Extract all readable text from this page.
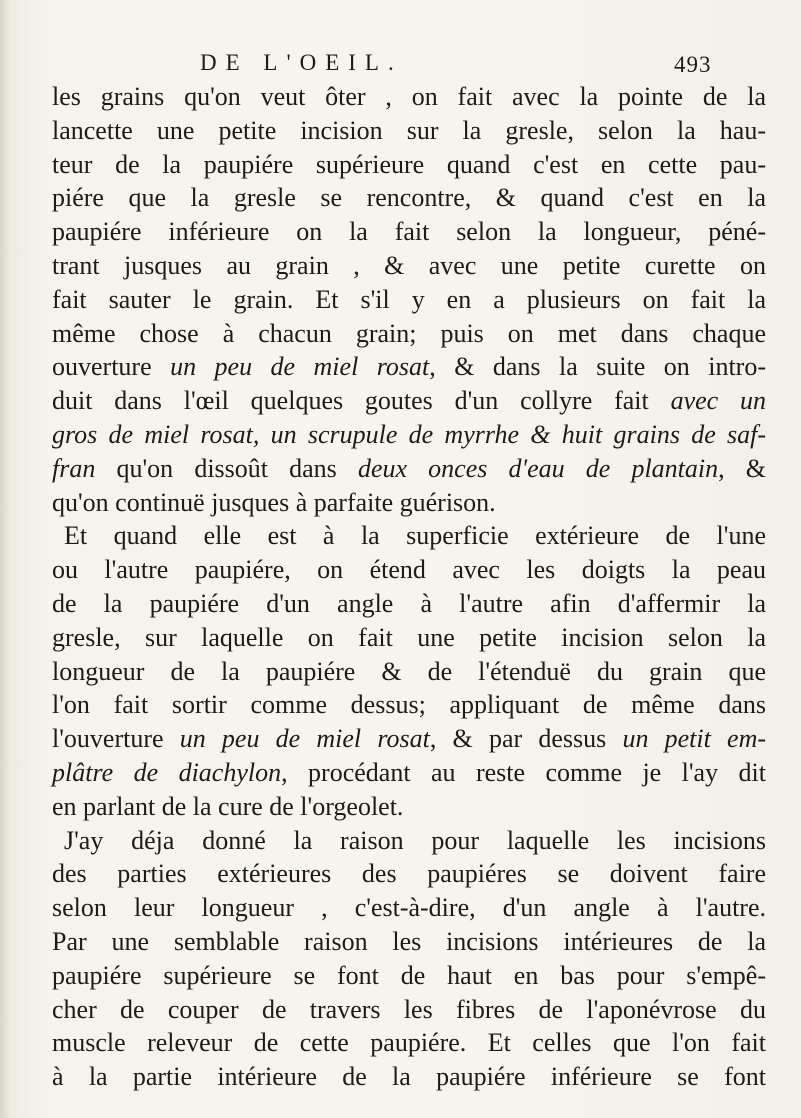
DE L'OEIL.	493
les grains qu'on veut ôter , on fait avec la pointe de la
lancette une petite incision sur la gresle, selon la hau-
teur de la paupiére supérieure quand c'est en cette pau-
piére que la gresle se rencontre, & quand c'est en la
paupiére inférieure on la fait selon la longueur, péné-
trant jusques au grain , & avec une petite curette on
fait sauter le grain. Et s'il y en a plusieurs on fait la
même chose à chacun grain; puis on met dans chaque
ouverture un peu de miel rosat, & dans la suite on intro-
duit dans l'œil quelques goutes d'un collyre fait avec un
gros de miel rosat, un scrupule de myrrhe & huit grains de saf-
fran qu'on dissoût dans deux onces d'eau de plantain, &
qu'on continuë jusques à parfaite guérison.
Et quand elle est à la superficie extérieure de l'une
ou l'autre paupiére, on étend avec les doigts la peau
de la paupiére d'un angle à l'autre afin d'affermir la
gresle, sur laquelle on fait une petite incision selon la
longueur de la paupiére & de l'étenduë du grain que
l'on fait sortir comme dessus; appliquant de même dans
l'ouverture un peu de miel rosat, & par dessus un petit em-
plâtre de diachylon, procédant au reste comme je l'ay dit
en parlant de la cure de l'orgeolet.
J'ay déja donné la raison pour laquelle les incisions
des parties extérieures des paupiéres se doivent faire
selon leur longueur , c'est-à-dire, d'un angle à l'autre.
Par une semblable raison les incisions intérieures de la
paupiére supérieure se font de haut en bas pour s'empê-
cher de couper de travers les fibres de l'aponévrose du
muscle releveur de cette paupiére. Et celles que l'on fait
à la partie intérieure de la paupiére inférieure se font
